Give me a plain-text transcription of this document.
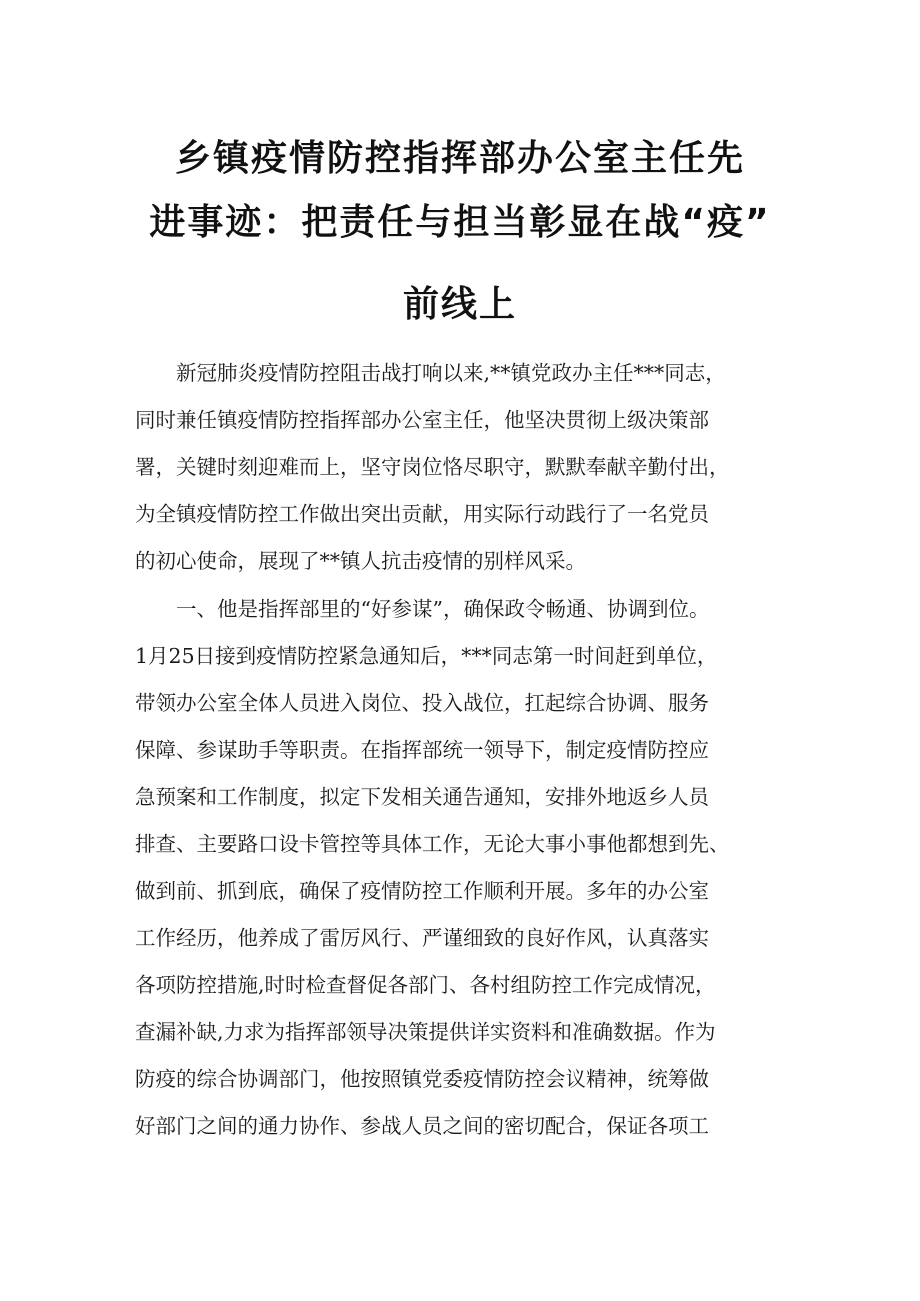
乡镇疫情防控指挥部办公室主任先
进事迹：把责任与担当彰显在战“疫”
前线上
新冠肺炎疫情防控阻击战打响以来,**镇党政办主任***同志，
同时兼任镇疫情防控指挥部办公室主任，他坚决贯彻上级决策部
署，关键时刻迎难而上，坚守岗位恪尽职守，默默奉献辛勤付出，
为全镇疫情防控工作做出突出贡献，用实际行动践行了一名党员
的初心使命，展现了**镇人抗击疫情的别样风采。
一、他是指挥部里的“好参谋”，确保政令畅通、协调到位。
1月25日接到疫情防控紧急通知后，***同志第一时间赶到单位，
带领办公室全体人员进入岗位、投入战位，扛起综合协调、服务
保障、参谋助手等职责。在指挥部统一领导下，制定疫情防控应
急预案和工作制度，拟定下发相关通告通知，安排外地返乡人员
排查、主要路口设卡管控等具体工作，无论大事小事他都想到先、
做到前、抓到底，确保了疫情防控工作顺利开展。多年的办公室
工作经历，他养成了雷厉风行、严谨细致的良好作风，认真落实
各项防控措施,时时检查督促各部门、各村组防控工作完成情况，
查漏补缺,力求为指挥部领导决策提供详实资料和准确数据。作为
防疫的综合协调部门，他按照镇党委疫情防控会议精神，统筹做
好部门之间的通力协作、参战人员之间的密切配合，保证各项工
